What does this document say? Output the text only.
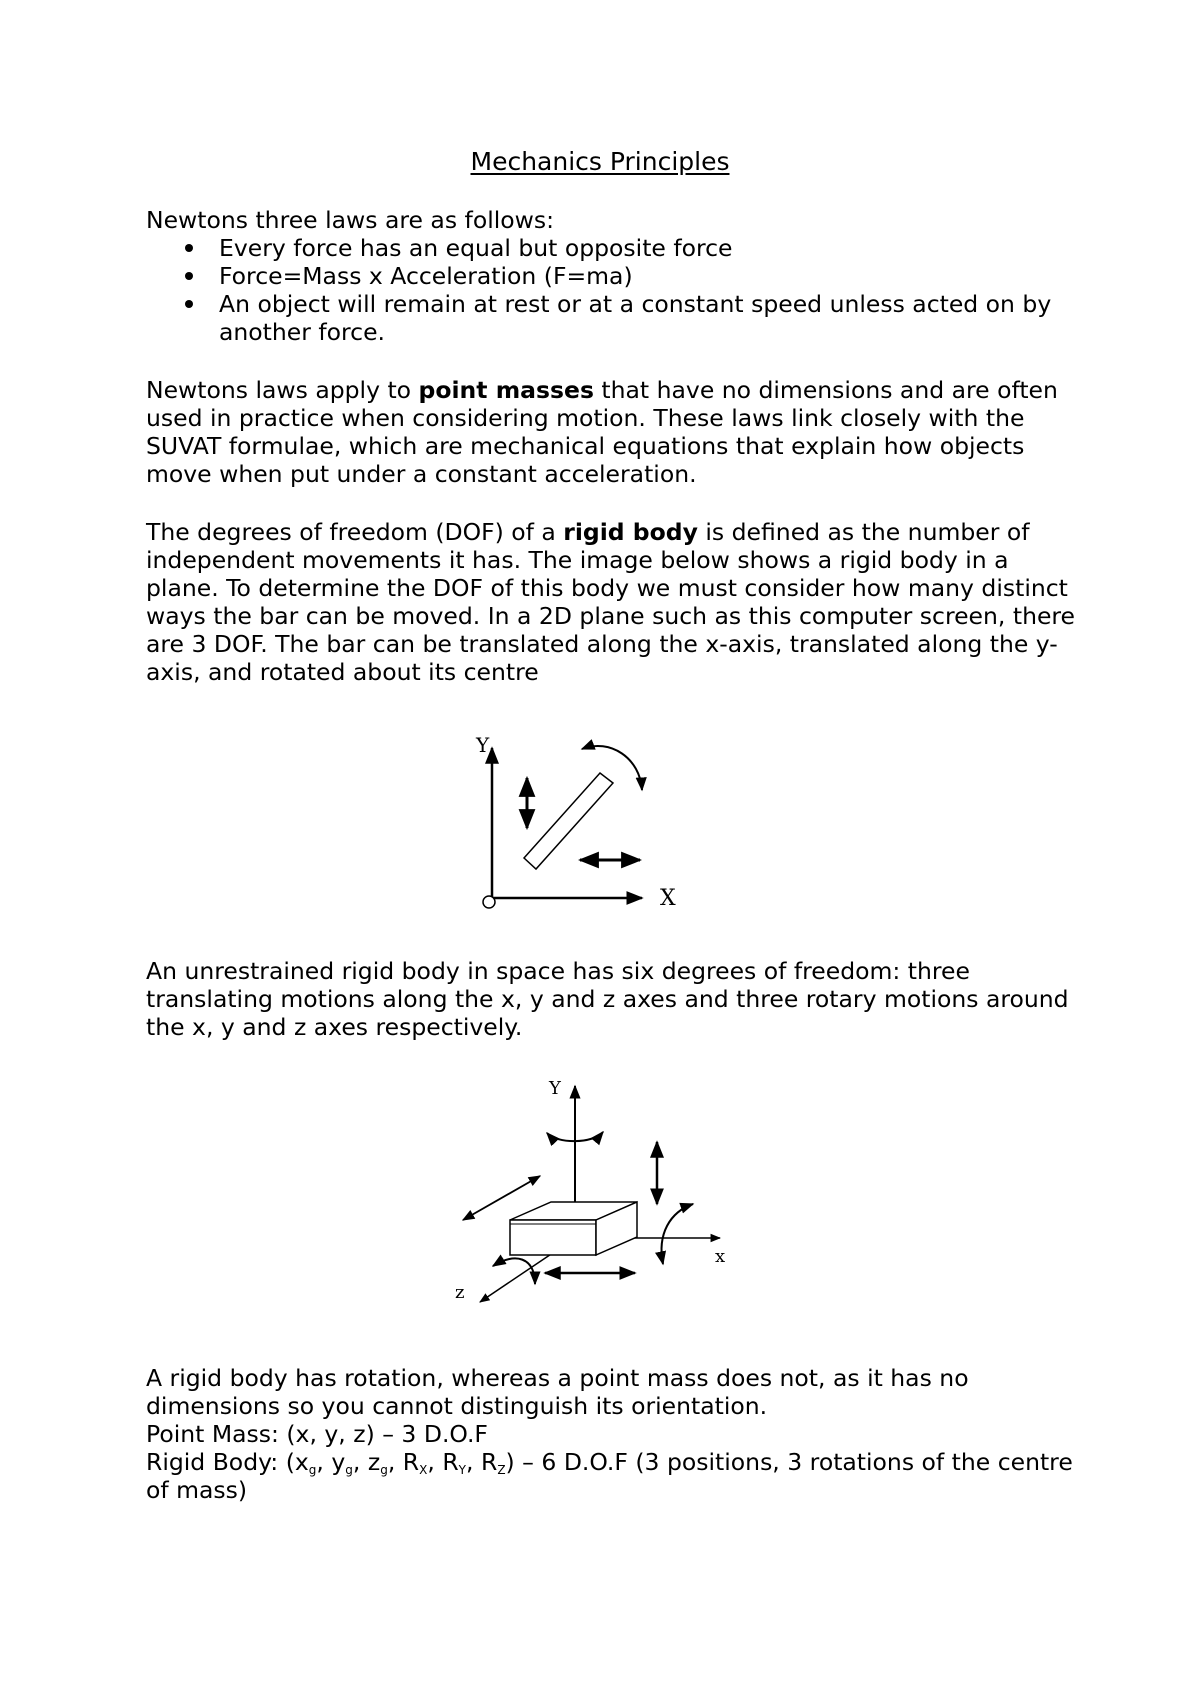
Mechanics Principles
Newtons three laws are as follows:
Every force has an equal but opposite force
Force=Mass x Acceleration (F=ma)
An object will remain at rest or at a constant speed unless acted on by another force.
Newtons laws apply to point masses that have no dimensions and are often used in practice when considering motion. These laws link closely with the SUVAT formulae, which are mechanical equations that explain how objects move when put under a constant acceleration.
The degrees of freedom (DOF) of a rigid body is defined as the number of independent movements it has. The image below shows a rigid body in a plane. To determine the DOF of this body we must consider how many distinct ways the bar can be moved. In a 2D plane such as this computer screen, there are 3 DOF. The bar can be translated along the x-axis, translated along the y-axis, and rotated about its centre
Y
X
An unrestrained rigid body in space has six degrees of freedom: three translating motions along the x, y and z axes and three rotary motions around the x, y and z axes respectively.
Y
x
z
A rigid body has rotation, whereas a point mass does not, as it has no dimensions so you cannot distinguish its orientation.
Point Mass: (x, y, z) – 3 D.O.F
Rigid Body: ($x_g$, $y_g$, $z_g$, $R_X$, $R_Y$, $R_Z) - 6$ D.O.F (3 positions, 3 rotations of the centre of mass)
